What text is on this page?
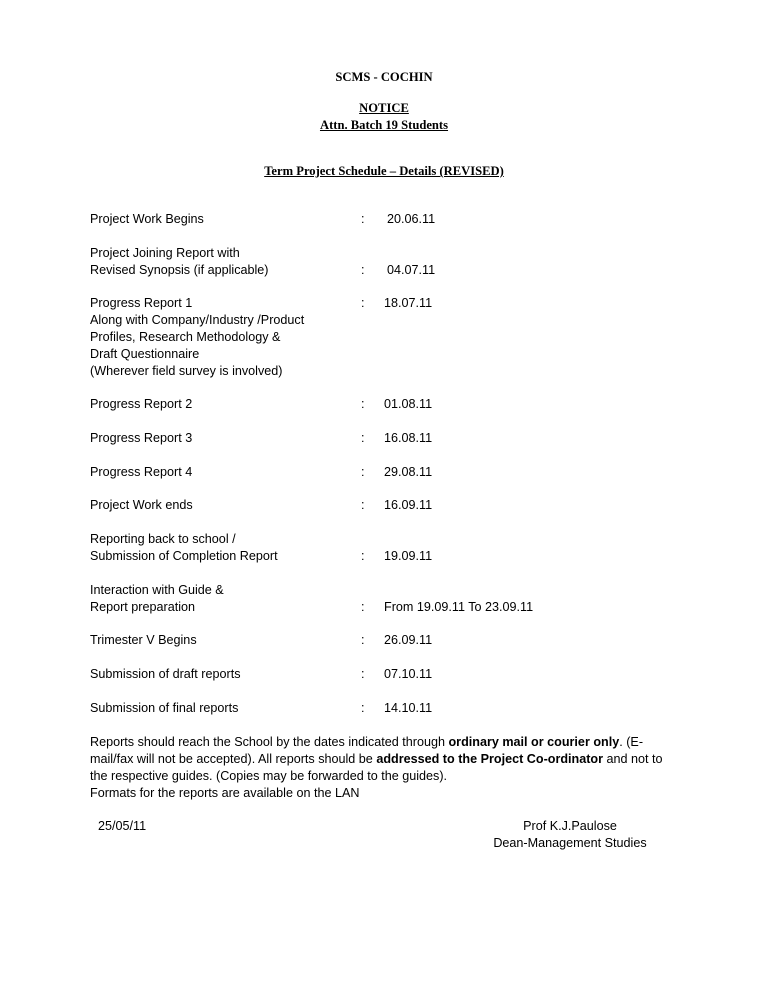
SCMS - COCHIN
NOTICE
Attn. Batch 19 Students
Term Project Schedule – Details (REVISED)
Project Work Begins	: 20.06.11
Project Joining Report with
Revised Synopsis (if applicable)	: 04.07.11
Progress Report 1
Along with Company/Industry /Product
Profiles, Research Methodology &
Draft Questionnaire
(Wherever field survey is involved)
: 18.07.11
Progress Report 2	: 01.08.11
Progress Report 3	: 16.08.11
Progress Report 4	: 29.08.11
Project Work ends	: 16.09.11
Reporting back to school /
Submission of Completion Report	: 19.09.11
Interaction with Guide &
Report preparation	: From 19.09.11 To 23.09.11
Trimester V Begins	: 26.09.11
Submission of draft reports	: 07.10.11
Submission of final reports	: 14.10.11

Reports should reach the School by the dates indicated through ordinary mail or courier only. (E-mail/fax will not be accepted). All reports should be addressed to the Project Co-ordinator and not to the respective guides. (Copies may be forwarded to the guides).

Formats for the reports are available on the LAN

25/05/11	Prof K.J.Paulose
Dean-Management Studies
